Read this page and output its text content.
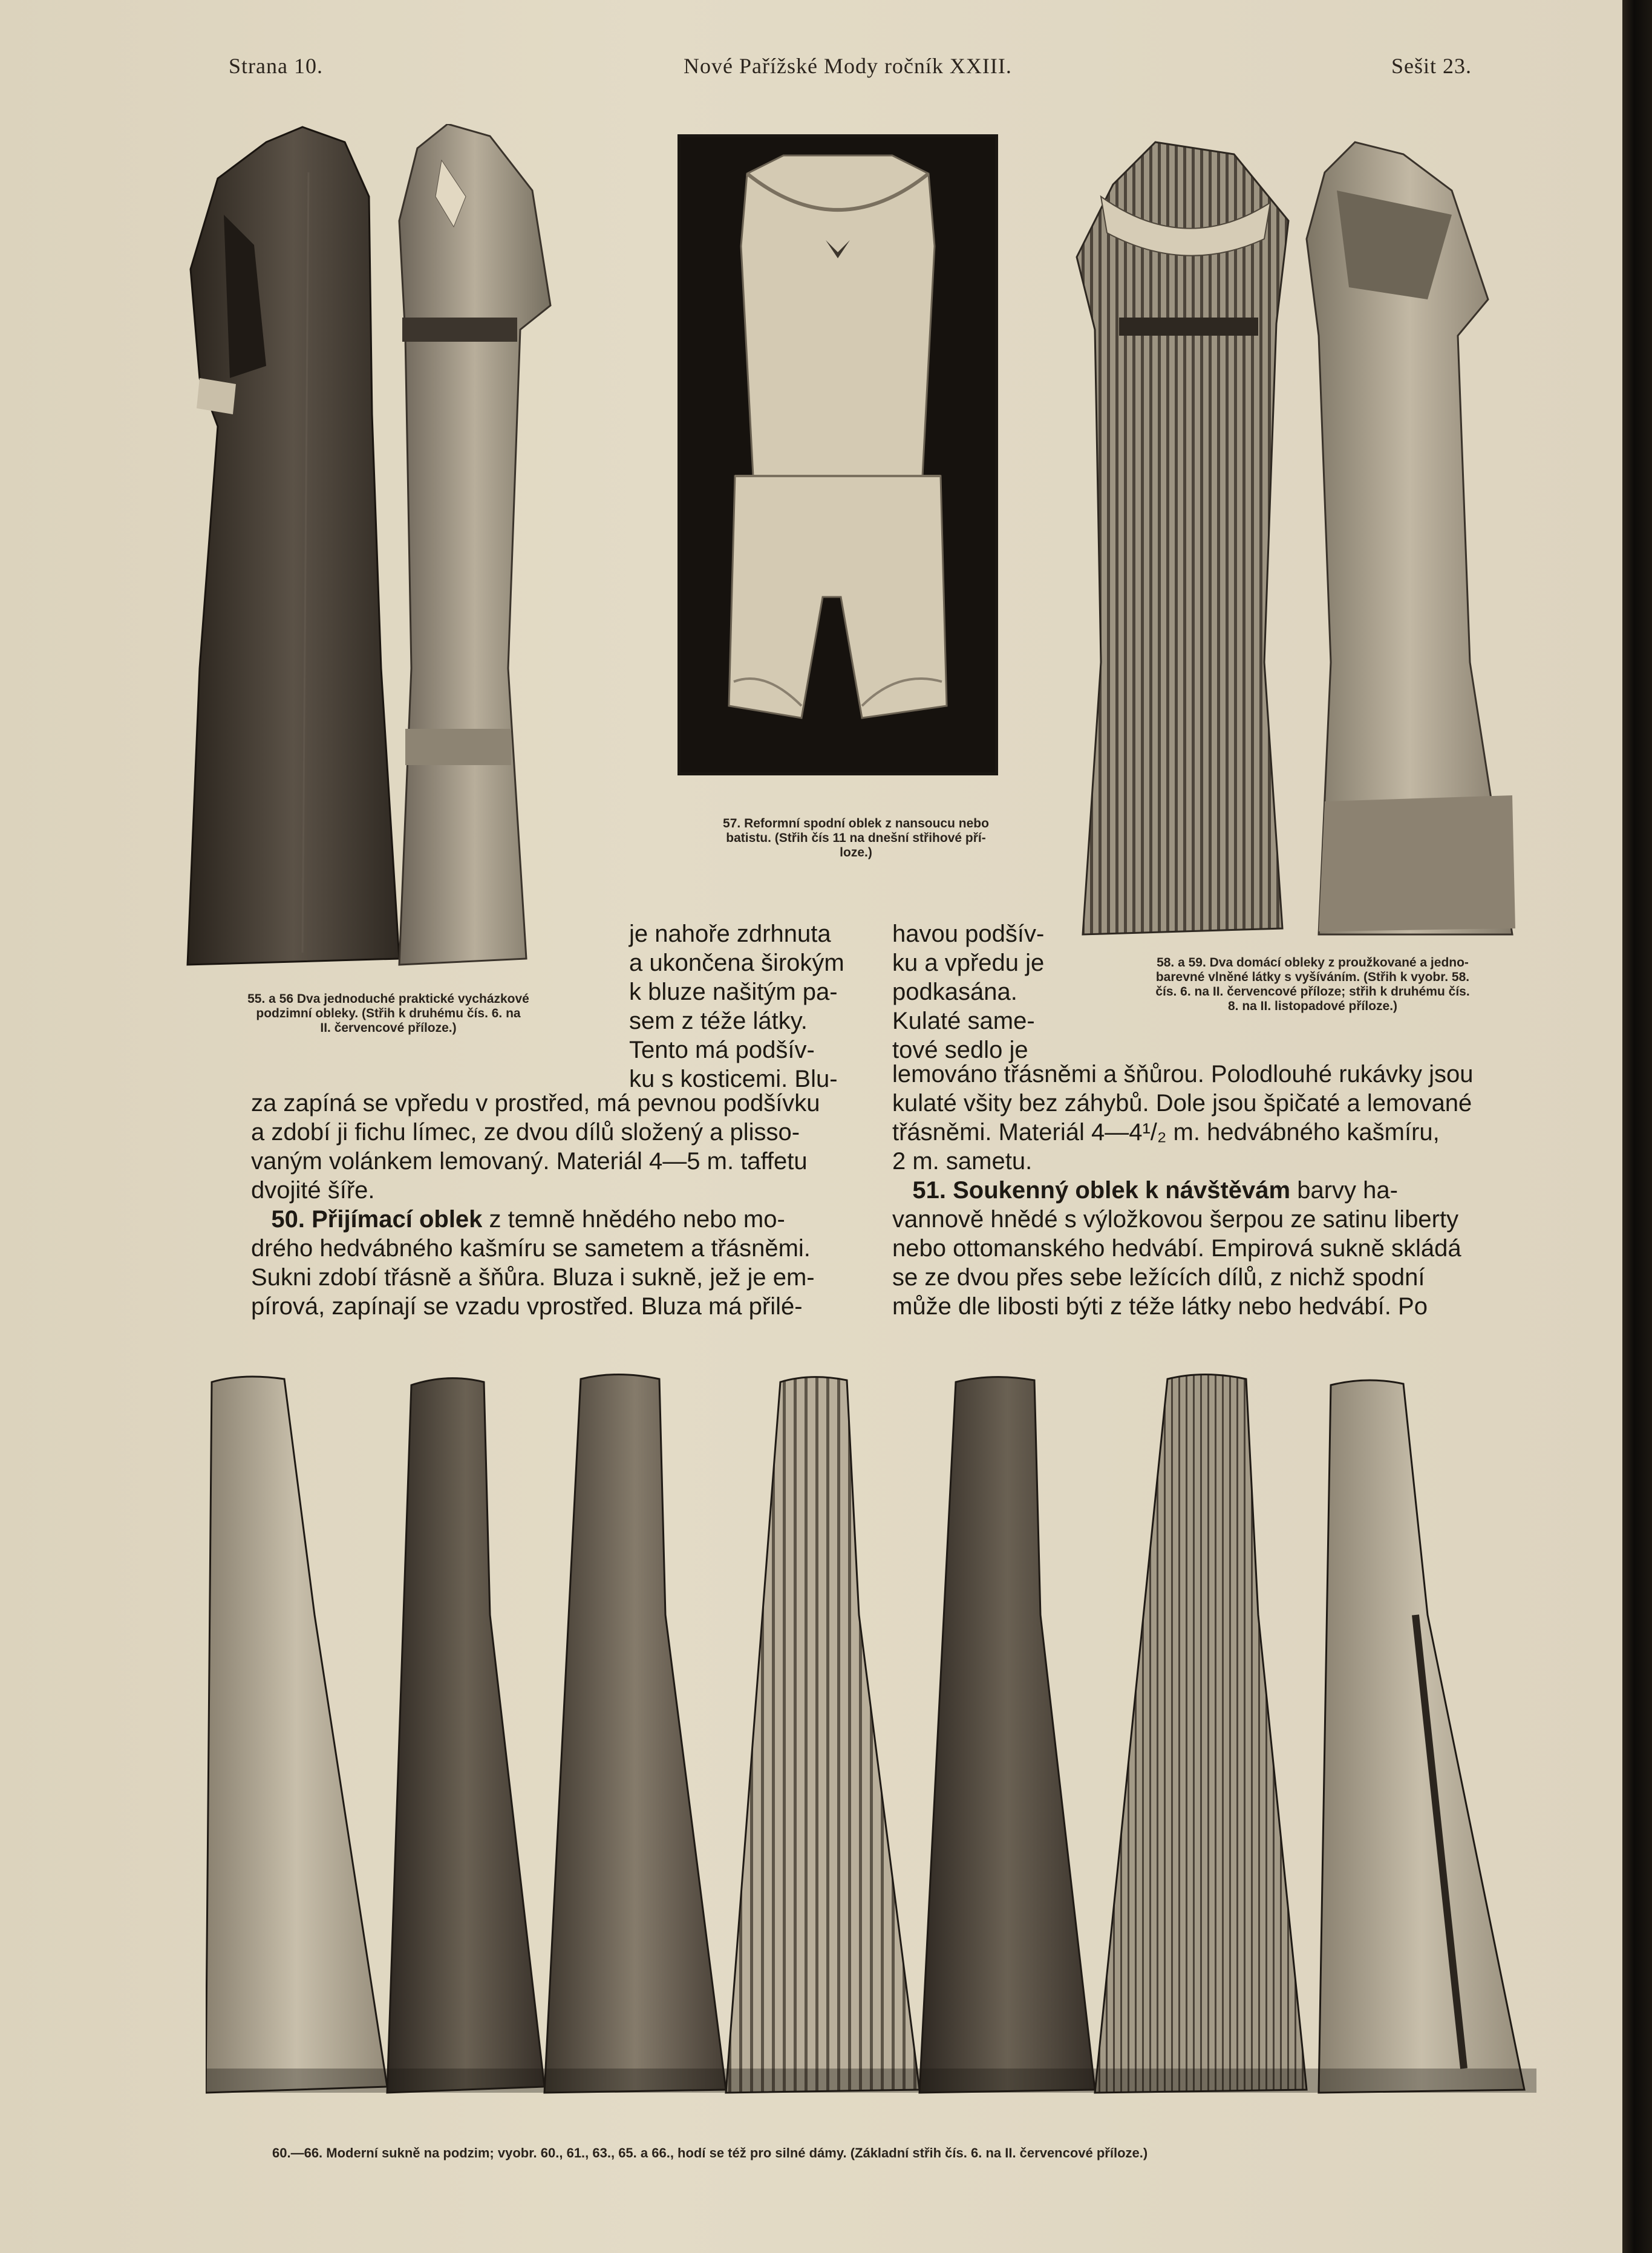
Strana 10.	Nové Pařížské Mody ročník XXIII.	Sešit 23.
57. Reformní spodní oblek z nansoucu nebo
batistu. (Střih čís 11 na dnešní střihové pří-
loze.)
58. a 59. Dva domácí obleky z proužkované a jedno-
barevné vlněné látky s vyšíváním. (Střih k vyobr. 58.
čís. 6. na II. červencové příloze; střih k druhému čís.
8. na II. listopadové příloze.)
55. a 56 Dva jednoduché praktické vycházkové
podzimní obleky. (Střih k druhému čís. 6. na
II. červencové příloze.)

je nahoře zdrhnuta

a ukončena širokým

k bluze našitým pa-

sem z téže látky.

Tento má podšív-

ku s kosticemi. Blu-

havou podšív-

ku a vpředu je

podkasána.

Kulaté same-

tové sedlo je

za zapíná se vpředu v prostřed, má pevnou podšívku

a zdobí ji fichu límec, ze dvou dílů složený a plisso-

vaným volánkem lemovaný. Materiál 4—5 m. taffetu

dvojité šíře.

50. Přijímací oblek z temně hnědého nebo mo-

drého hedvábného kašmíru se sametem a třásněmi.

Sukni zdobí třásně a šňůra. Bluza i sukně, jež je em-

pírová, zapínají se vzadu vprostřed. Bluza má přilé-

lemováno třásněmi a šňůrou. Polodlouhé rukávky jsou

kulaté všity bez záhybů. Dole jsou špičaté a lemované

třásněmi. Materiál 4—4¹/₂ m. hedvábného kašmíru,

2 m. sametu.

51. Soukenný oblek k návštěvám barvy ha-

vannově hnědé s výložkovou šerpou ze satinu liberty

nebo ottomanského hedvábí. Empirová sukně skládá

se ze dvou přes sebe ležících dílů, z nichž spodní

může dle libosti býti z téže látky nebo hedvábí. Po

60.—66. Moderní sukně na podzim; vyobr. 60., 61., 63., 65. a 66., hodí se též pro silné dámy. (Základní střih čís. 6. na II. červencové příloze.)
